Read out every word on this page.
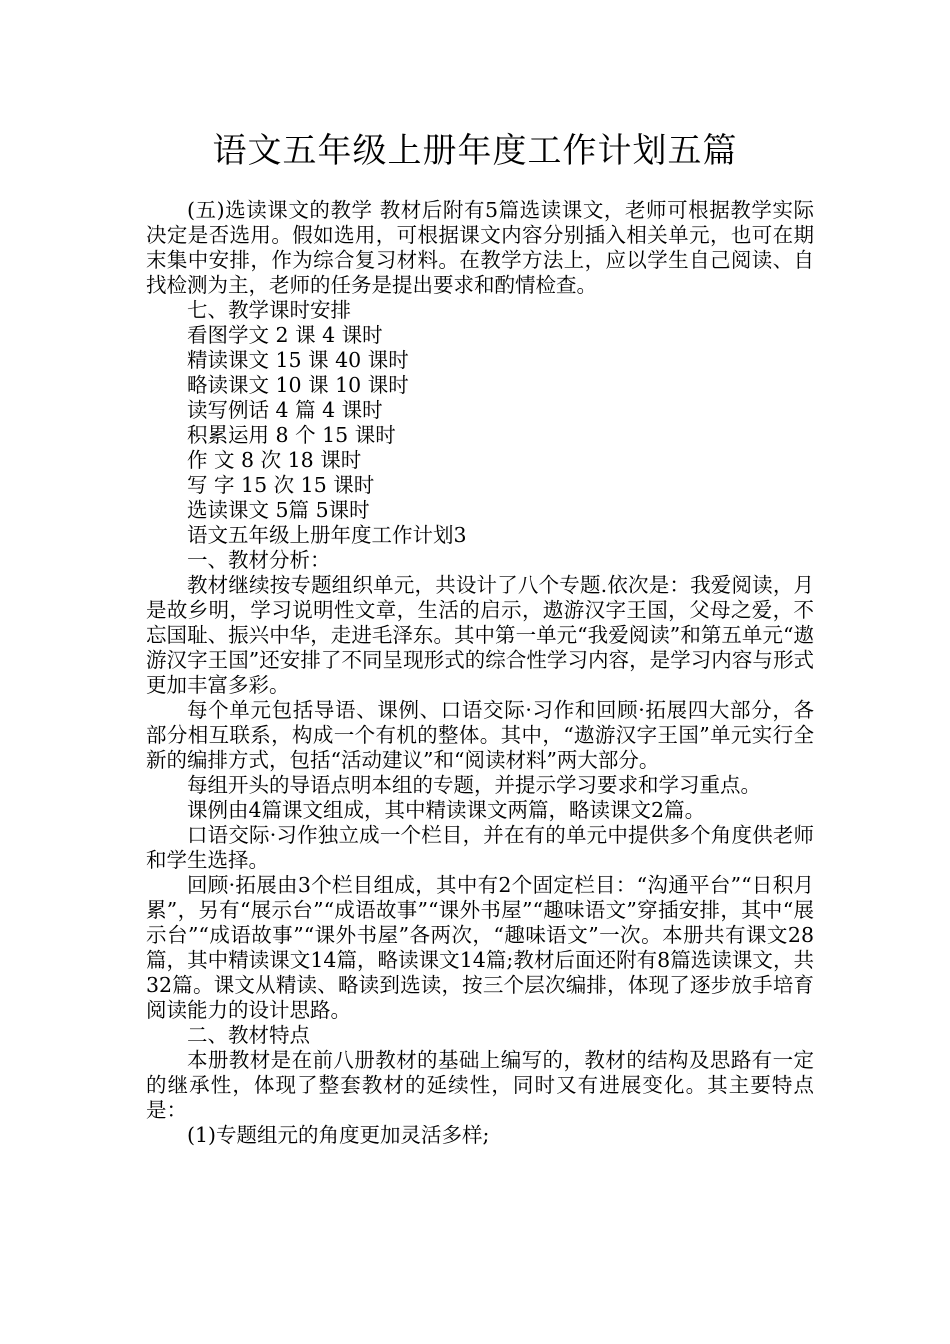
语文五年级上册年度工作计划五篇

(五)选读课文的教学 教材后附有5篇选读课文，老师可根据教学实际决定是否选用。假如选用，可根据课文内容分别插入相关单元，也可在期末集中安排，作为综合复习材料。在教学方法上，应以学生自己阅读、自找检测为主，老师的任务是提出要求和酌情检查。

七、教学课时安排

看图学文 2 课 4 课时

精读课文 15 课 40 课时

略读课文 10 课 10 课时

读写例话 4 篇 4 课时

积累运用 8 个 15 课时

作 文 8 次 18 课时

写 字 15 次 15 课时

选读课文 5篇 5课时

语文五年级上册年度工作计划3

一、教材分析：

教材继续按专题组织单元，共设计了八个专题.依次是：我爱阅读，月是故乡明，学习说明性文章，生活的启示，遨游汉字王国，父母之爱，不忘国耻、振兴中华，走进毛泽东。其中第一单元“我爱阅读”和第五单元“遨游汉字王国”还安排了不同呈现形式的综合性学习内容，是学习内容与形式更加丰富多彩。

每个单元包括导语、课例、口语交际·习作和回顾·拓展四大部分，各部分相互联系，构成一个有机的整体。其中，“遨游汉字王国”单元实行全新的编排方式，包括“活动建议”和“阅读材料”两大部分。

每组开头的导语点明本组的专题，并提示学习要求和学习重点。

课例由4篇课文组成，其中精读课文两篇，略读课文2篇。

口语交际·习作独立成一个栏目，并在有的单元中提供多个角度供老师和学生选择。

回顾·拓展由3个栏目组成，其中有2个固定栏目：“沟通平台”“日积月累”，另有“展示台”“成语故事”“课外书屋”“趣味语文”穿插安排，其中“展示台”“成语故事”“课外书屋”各两次，“趣味语文”一次。本册共有课文28篇，其中精读课文14篇，略读课文14篇;教材后面还附有8篇选读课文，共32篇。课文从精读、略读到选读，按三个层次编排，体现了逐步放手培育阅读能力的设计思路。

二、教材特点

本册教材是在前八册教材的基础上编写的，教材的结构及思路有一定的继承性，体现了整套教材的延续性，同时又有进展变化。其主要特点是：

(1)专题组元的角度更加灵活多样;
